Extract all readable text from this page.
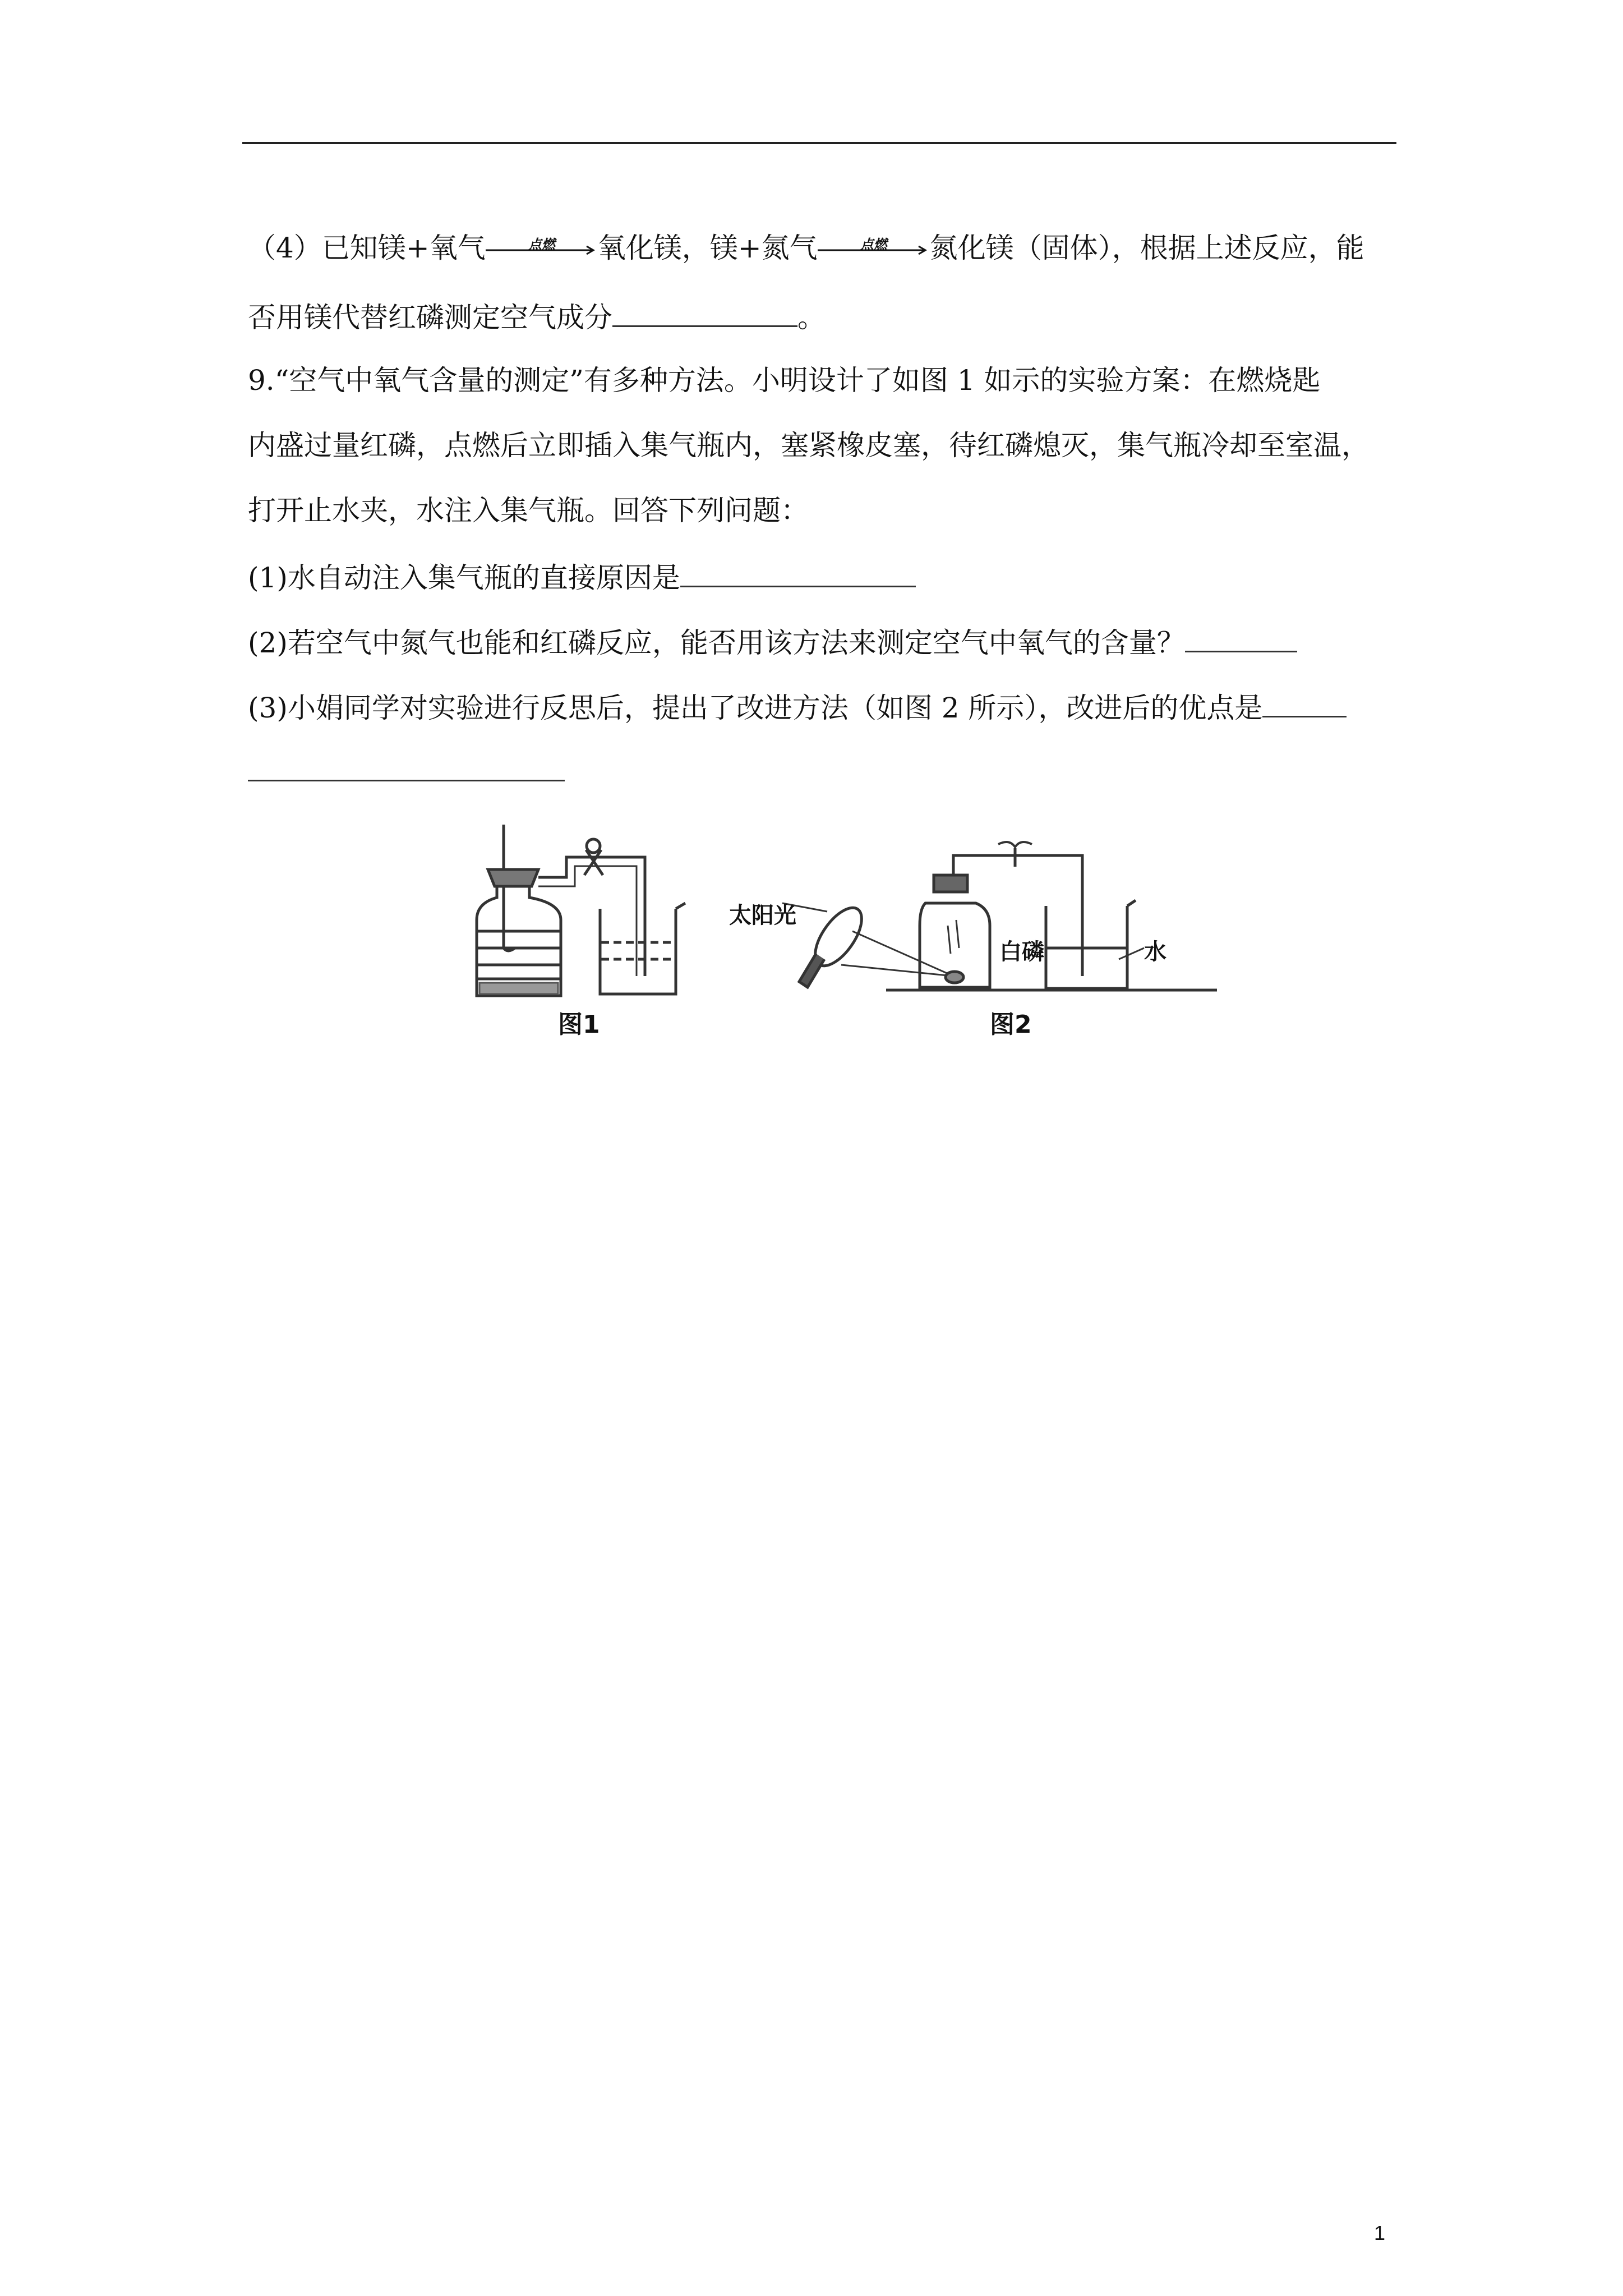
（4）已知镁+氧气	点燃	氧化镁，镁+氮气	点燃	氮化镁（固体），根据上述反应，能
否用镁代替红磷测定空气成分	。
9.“空气中氧气含量的测定”有多种方法。小明设计了如图 1 如示的实验方案：在燃烧匙
内盛过量红磷，点燃后立即插入集气瓶内，塞紧橡皮塞，待红磷熄灭，集气瓶冷却至室温，
打开止水夹，水注入集气瓶。回答下列问题：
(1)水自动注入集气瓶的直接原因是
(2)若空气中氮气也能和红磷反应，能否用该方法来测定空气中氧气的含量？
(3)小娟同学对实验进行反思后，提出了改进方法（如图 2 所示），改进后的优点是
太阳光
白磷	水
图1	图2
1
